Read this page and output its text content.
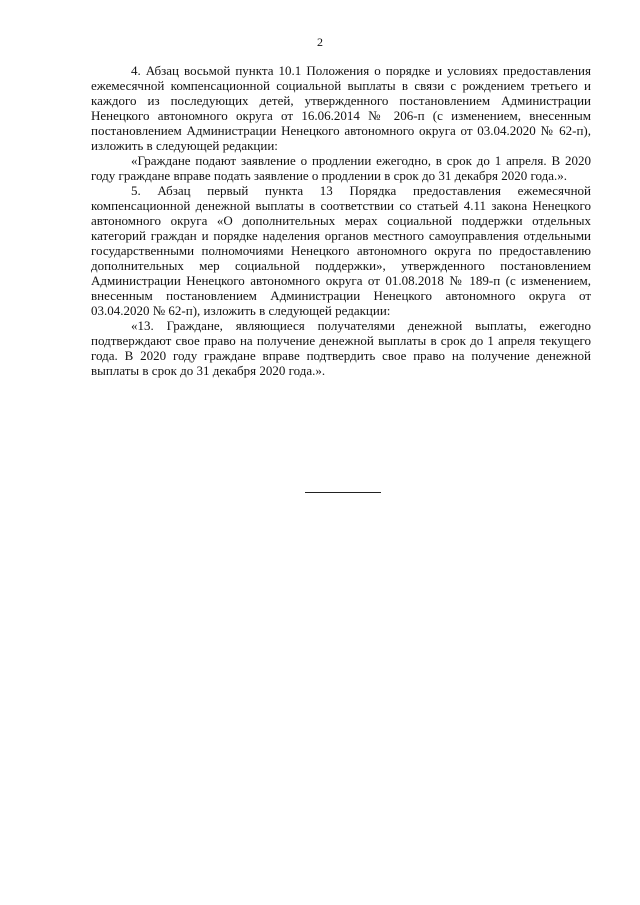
2

4. Абзац восьмой пункта 10.1 Положения о порядке и условиях предоставления ежемесячной компенсационной социальной выплаты в связи с рождением третьего и каждого из последующих детей, утвержденного постановлением Администрации Ненецкого автономного округа от 16.06.2014 № 206-п (с изменением, внесенным постановлением Администрации Ненецкого автономного округа от 03.04.2020 № 62-п), изложить в следующей редакции:

«Граждане подают заявление о продлении ежегодно, в срок до 1 апреля. В 2020 году граждане вправе подать заявление о продлении в срок до 31 декабря 2020 года.».

5. Абзац первый пункта 13 Порядка предоставления ежемесячной компенсационной денежной выплаты в соответствии со статьей 4.11 закона Ненецкого автономного округа «О дополнительных мерах социальной поддержки отдельных категорий граждан и порядке наделения органов местного самоуправления отдельными государственными полномочиями Ненецкого автономного округа по предоставлению дополнительных мер социальной поддержки», утвержденного постановлением Администрации Ненецкого автономного округа от 01.08.2018 № 189-п (с изменением, внесенным постановлением Администрации Ненецкого автономного округа от 03.04.2020 № 62-п), изложить в следующей редакции:

«13. Граждане, являющиеся получателями денежной выплаты, ежегодно подтверждают свое право на получение денежной выплаты в срок до 1 апреля текущего года. В 2020 году граждане вправе подтвердить свое право на получение денежной выплаты в срок до 31 декабря 2020 года.».
